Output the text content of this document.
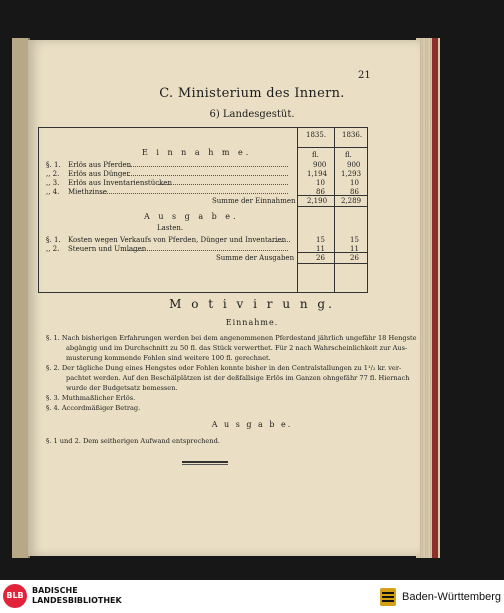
21
C. Ministerium des Innern.
6) Landesgestüt.
1835. 1836.
fl.	fl.
E i n n a h m e.
§. 1. Erlös aus Pferden	900	900
,, 2. Erlös aus Dünger	1,194 1,293
,, 3. Erlös aus Inventarienstücken	10	10
,, 4. Miethzinse	86	86
Summe der Einnahmen 2,190 2,289
A u s g a b e.
Lasten.
§. 1. Kosten wegen Verkaufs von Pferden, Dünger und Inventarien	15	15
,, 2. Steuern und Umlagen	11	11
Summe der Ausgaben	26	26
M o t i v i r u n g.
Einnahme.
§. 1. Nach bisherigen Erfahrungen werden bei dem angenommenen Pferdestand jährlich ungefähr 18 Hengste
abgängig und im Durchschnitt zu 50 fl. das Stück verwerthet. Für 2 nach Wahrscheinlichkeit zur Aus-
musterung kommende Fohlen sind weitere 100 fl. gerechnet.
§. 2. Der tägliche Dung eines Hengstes oder Fohlen konnte bisher in den Centralstallungen zu 1¹/₂ kr. ver-
pachtet werden. Auf den Beschälplätzen ist der deßfallsige Erlös im Ganzen ohngefähr 77 fl. Hiernach
wurde der Budgetsatz bemessen.
§. 3. Muthmaßlicher Erlös.
§. 4. Accordmäßiger Betrag.
A u s g a b e.
§. 1 und 2. Dem seitherigen Aufwand entsprechend.
BLB
BADISCHE
LANDESBIBLIOTHEK	Baden-Württemberg
